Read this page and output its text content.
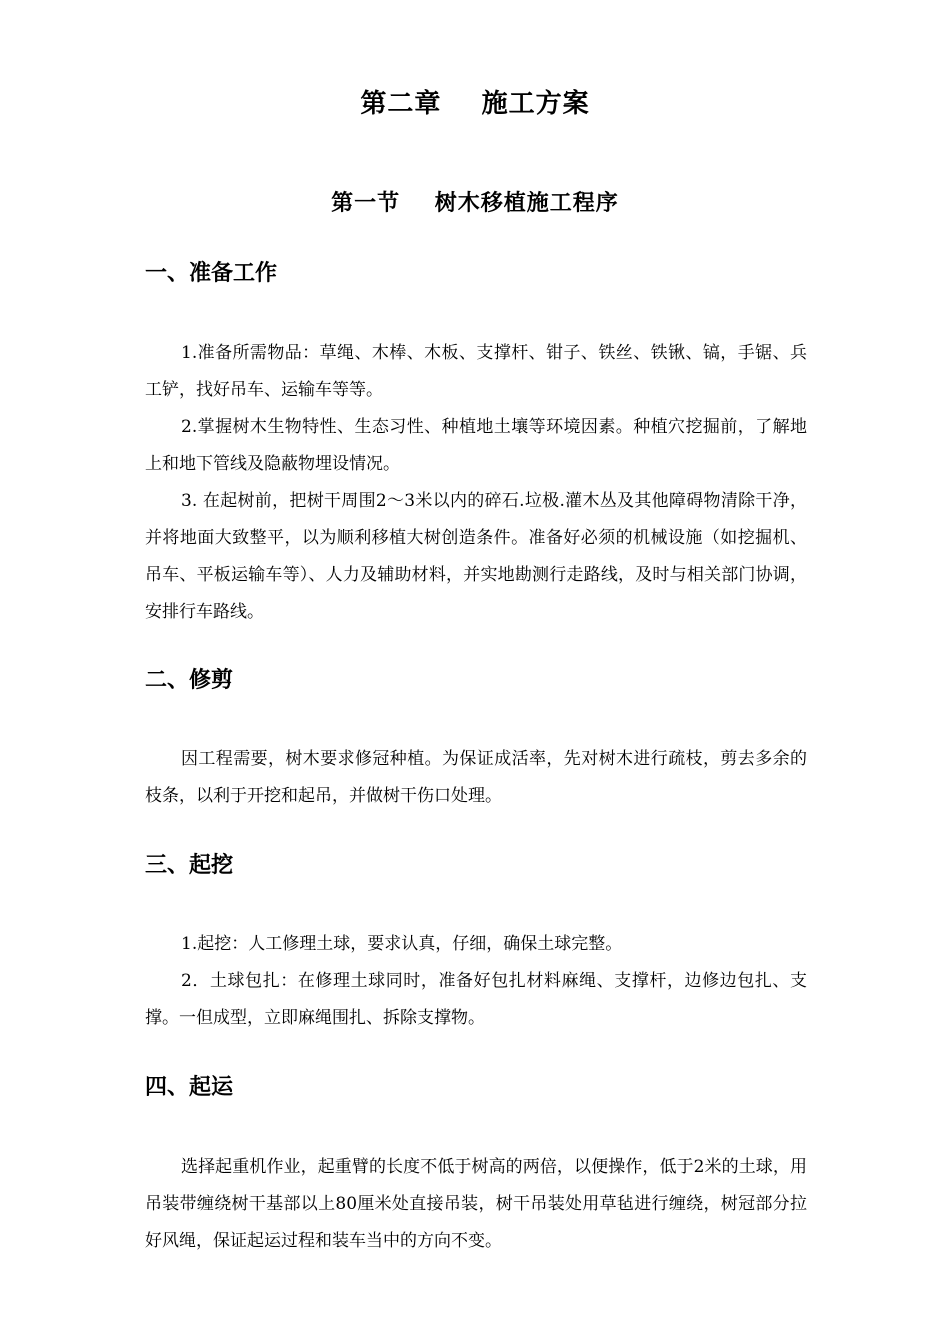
第二章    施工方案
第一节    树木移植施工程序
一、准备工作

1.准备所需物品：草绳、木棒、木板、支撑杆、钳子、铁丝、铁锹、镐，手锯、兵工铲，找好吊车、运输车等等。

2.掌握树木生物特性、生态习性、种植地土壤等环境因素。种植穴挖掘前，了解地上和地下管线及隐蔽物埋设情况。

3. 在起树前，把树干周围2～3米以内的碎石.垃极.灌木丛及其他障碍物清除干净，并将地面大致整平，以为顺利移植大树创造条件。准备好必须的机械设施（如挖掘机、吊车、平板运输车等）、人力及辅助材料，并实地勘测行走路线，及时与相关部门协调，安排行车路线。

二、修剪

因工程需要，树木要求修冠种植。为保证成活率，先对树木进行疏枝，剪去多余的枝条，以利于开挖和起吊，并做树干伤口处理。

三、起挖

1.起挖：人工修理土球，要求认真，仔细，确保土球完整。

2．土球包扎：在修理土球同时，准备好包扎材料麻绳、支撑杆，边修边包扎、支撑。一但成型，立即麻绳围扎、拆除支撑物。

四、起运

选择起重机作业，起重臂的长度不低于树高的两倍，以便操作，低于2米的土球，用吊装带缠绕树干基部以上80厘米处直接吊装，树干吊装处用草毡进行缠绕，树冠部分拉好风绳，保证起运过程和装车当中的方向不变。
